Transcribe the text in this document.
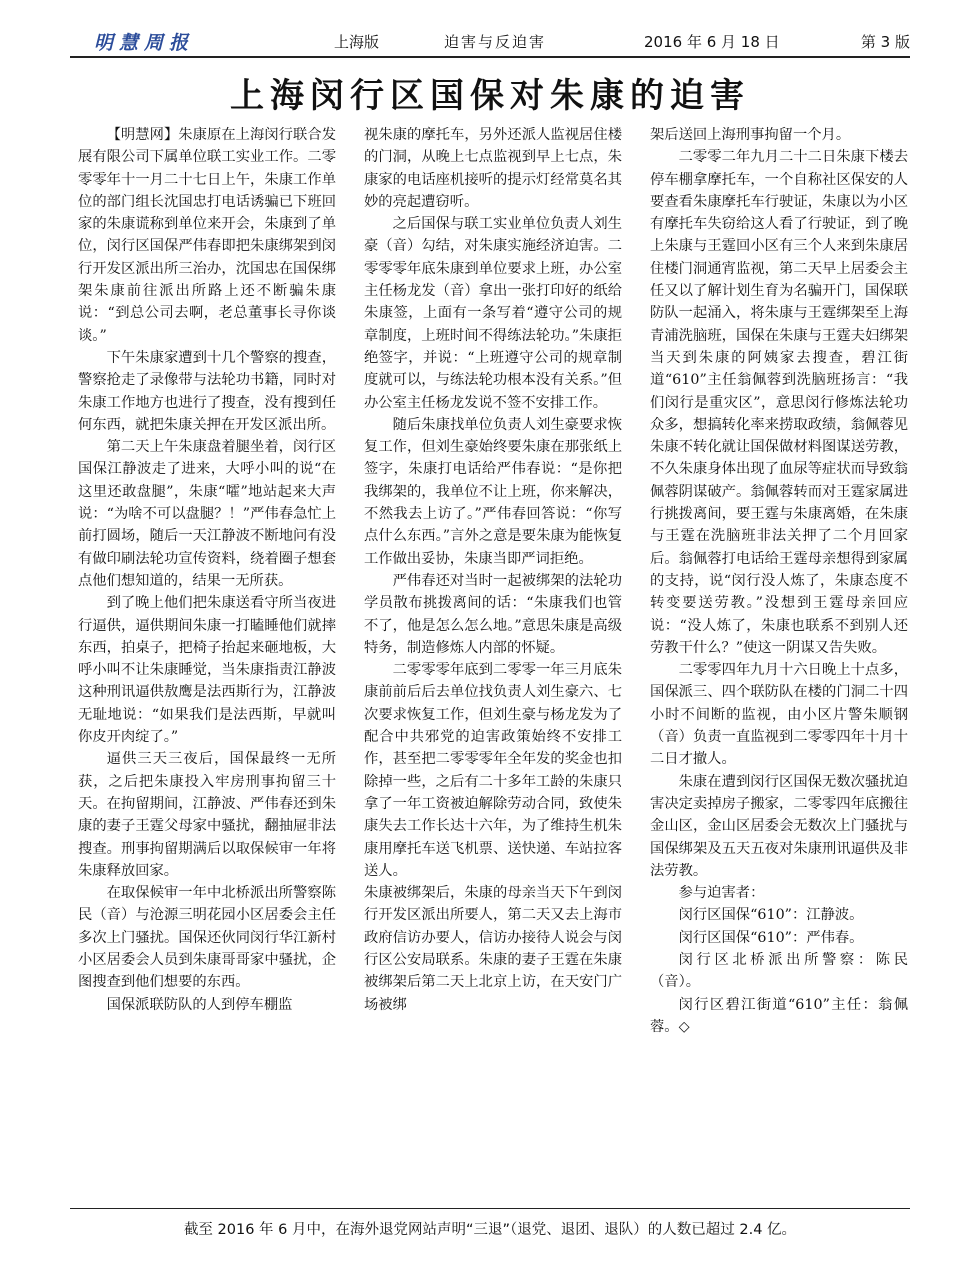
明慧周报	上海版	迫害与反迫害	2016 年 6 月 18 日	第 3 版
上海闵行区国保对朱康的迫害

【明慧网】朱康原在上海闵行联合发展有限公司下属单位联工实业工作。二零零零年十一月二十七日上午，朱康工作单位的部门组长沈国忠打电话诱骗已下班回家的朱康谎称到单位来开会，朱康到了单位，闵行区国保严伟春即把朱康绑架到闵行开发区派出所三治办，沈国忠在国保绑架朱康前往派出所路上还不断骗朱康说：“到总公司去啊，老总董事长寻你谈谈。”

下午朱康家遭到十几个警察的搜查，警察抢走了录像带与法轮功书籍，同时对朱康工作地方也进行了搜查，没有搜到任何东西，就把朱康关押在开发区派出所。

第二天上午朱康盘着腿坐着，闵行区国保江静波走了进来，大呼小叫的说“在这里还敢盘腿”，朱康“嚯”地站起来大声说：“为啥不可以盘腿？！”严伟春急忙上前打圆场，随后一天江静波不断地问有没有做印刷法轮功宣传资料，绕着圈子想套点他们想知道的，结果一无所获。

到了晚上他们把朱康送看守所当夜进行逼供，逼供期间朱康一打瞌睡他们就摔东西，拍桌子，把椅子抬起来砸地板，大呼小叫不让朱康睡觉，当朱康指责江静波这种刑讯逼供敖鹰是法西斯行为，江静波无耻地说：“如果我们是法西斯，早就叫你皮开肉绽了。”

逼供三天三夜后，国保最终一无所获，之后把朱康投入牢房刑事拘留三十天。在拘留期间，江静波、严伟春还到朱康的妻子王霆父母家中骚扰，翻抽屉非法搜查。刑事拘留期满后以取保候审一年将朱康释放回家。

在取保候审一年中北桥派出所警察陈民（音）与沧源三明花园小区居委会主任多次上门骚扰。国保还伙同闵行华江新村小区居委会人员到朱康哥哥家中骚扰，企图搜查到他们想要的东西。

国保派联防队的人到停车棚监

视朱康的摩托车，另外还派人监视居住楼的门洞，从晚上七点监视到早上七点，朱康家的电话座机接听的提示灯经常莫名其妙的亮起遭窃听。

之后国保与联工实业单位负责人刘生豪（音）勾结，对朱康实施经济迫害。二零零零年底朱康到单位要求上班，办公室主任杨龙发（音）拿出一张打印好的纸给朱康签，上面有一条写着“遵守公司的规章制度，上班时间不得练法轮功。”朱康拒绝签字，并说：“上班遵守公司的规章制度就可以，与练法轮功根本没有关系。”但办公室主任杨龙发说不签不安排工作。

随后朱康找单位负责人刘生豪要求恢复工作，但刘生豪始终要朱康在那张纸上签字，朱康打电话给严伟春说：“是你把我绑架的，我单位不让上班，你来解决，不然我去上访了。”严伟春回答说：“你写点什么东西。”言外之意是要朱康为能恢复工作做出妥协，朱康当即严词拒绝。

严伟春还对当时一起被绑架的法轮功学员散布挑拨离间的话：“朱康我们也管不了，他是怎么怎么地。”意思朱康是高级特务，制造修炼人内部的怀疑。

二零零零年底到二零零一年三月底朱康前前后后去单位找负责人刘生豪六、七次要求恢复工作，但刘生豪与杨龙发为了配合中共邪党的迫害政策始终不安排工作，甚至把二零零零年全年发的奖金也扣除掉一些，之后有二十多年工龄的朱康只拿了一年工资被迫解除劳动合同，致使朱康失去工作长达十六年，为了维持生机朱康用摩托车送飞机票、送快递、车站拉客送人。

朱康被绑架后，朱康的母亲当天下午到闵行开发区派出所要人，第二天又去上海市政府信访办要人，信访办接待人说会与闵行区公安局联系。朱康的妻子王霆在朱康被绑架后第二天上北京上访，在天安门广场被绑

架后送回上海刑事拘留一个月。

二零零二年九月二十二日朱康下楼去停车棚拿摩托车，一个自称社区保安的人要查看朱康摩托车行驶证，朱康以为小区有摩托车失窃给这人看了行驶证，到了晚上朱康与王霆回小区有三个人来到朱康居住楼门洞通宵监视，第二天早上居委会主任又以了解计划生育为名骗开门，国保联防队一起涌入，将朱康与王霆绑架至上海青浦洗脑班，国保在朱康与王霆夫妇绑架当天到朱康的阿姨家去搜查，碧江街道“610”主任翁佩蓉到洗脑班扬言：“我们闵行是重灾区”，意思闵行修炼法轮功众多，想搞转化率来捞取政绩，翁佩蓉见朱康不转化就让国保做材料图谋送劳教，不久朱康身体出现了血尿等症状而导致翁佩蓉阴谋破产。翁佩蓉转而对王霆家属进行挑拨离间，要王霆与朱康离婚，在朱康与王霆在洗脑班非法关押了二个月回家后。翁佩蓉打电话给王霆母亲想得到家属的支持，说“闵行没人炼了，朱康态度不转变要送劳教。”没想到王霆母亲回应说：“没人炼了，朱康也联系不到别人还劳教干什么？”使这一阴谋又告失败。

二零零四年九月十六日晚上十点多，国保派三、四个联防队在楼的门洞二十四小时不间断的监视，由小区片警朱顺钢（音）负责一直监视到二零零四年十月十二日才撤人。

朱康在遭到闵行区国保无数次骚扰迫害决定卖掉房子搬家，二零零四年底搬往金山区，金山区居委会无数次上门骚扰与国保绑架及五天五夜对朱康刑讯逼供及非法劳教。

参与迫害者：

闵行区国保“610”：江静波。

闵行区国保“610”：严伟春。

闵行区北桥派出所警察：陈民（音）。

闵行区碧江街道“610”主任：翁佩蓉。◇

截至 2016 年 6 月中，在海外退党网站声明“三退”（退党、退团、退队）的人数已超过 2.4 亿。
